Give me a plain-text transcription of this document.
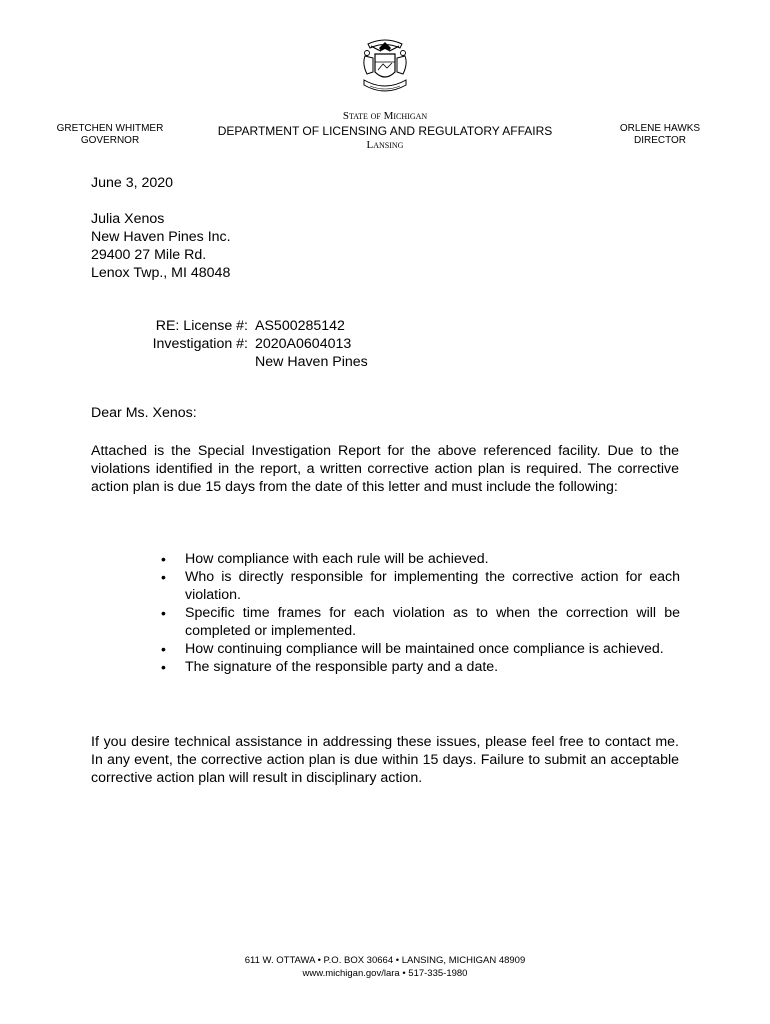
GRETCHEN WHITMER
GOVERNOR
State of Michigan
DEPARTMENT OF LICENSING AND REGULATORY AFFAIRS
Lansing
ORLENE HAWKS
DIRECTOR
June 3, 2020
Julia Xenos
New Haven Pines Inc.
29400 27 Mile Rd.
Lenox Twp., MI 48048
RE: License #: AS500285142
Investigation #: 2020A0604013
New Haven Pines
Dear Ms. Xenos:
Attached is the Special Investigation Report for the above referenced facility. Due to the violations identified in the report, a written corrective action plan is required. The corrective action plan is due 15 days from the date of this letter and must include the following:
•	How compliance with each rule will be achieved.
•	Who is directly responsible for implementing the corrective action for each violation.
•	Specific time frames for each violation as to when the correction will be completed or implemented.
•	How continuing compliance will be maintained once compliance is achieved.
•	The signature of the responsible party and a date.
If you desire technical assistance in addressing these issues, please feel free to contact me. In any event, the corrective action plan is due within 15 days. Failure to submit an acceptable corrective action plan will result in disciplinary action.
611 W. OTTAWA • P.O. BOX 30664 • LANSING, MICHIGAN 48909
www.michigan.gov/lara • 517-335-1980
